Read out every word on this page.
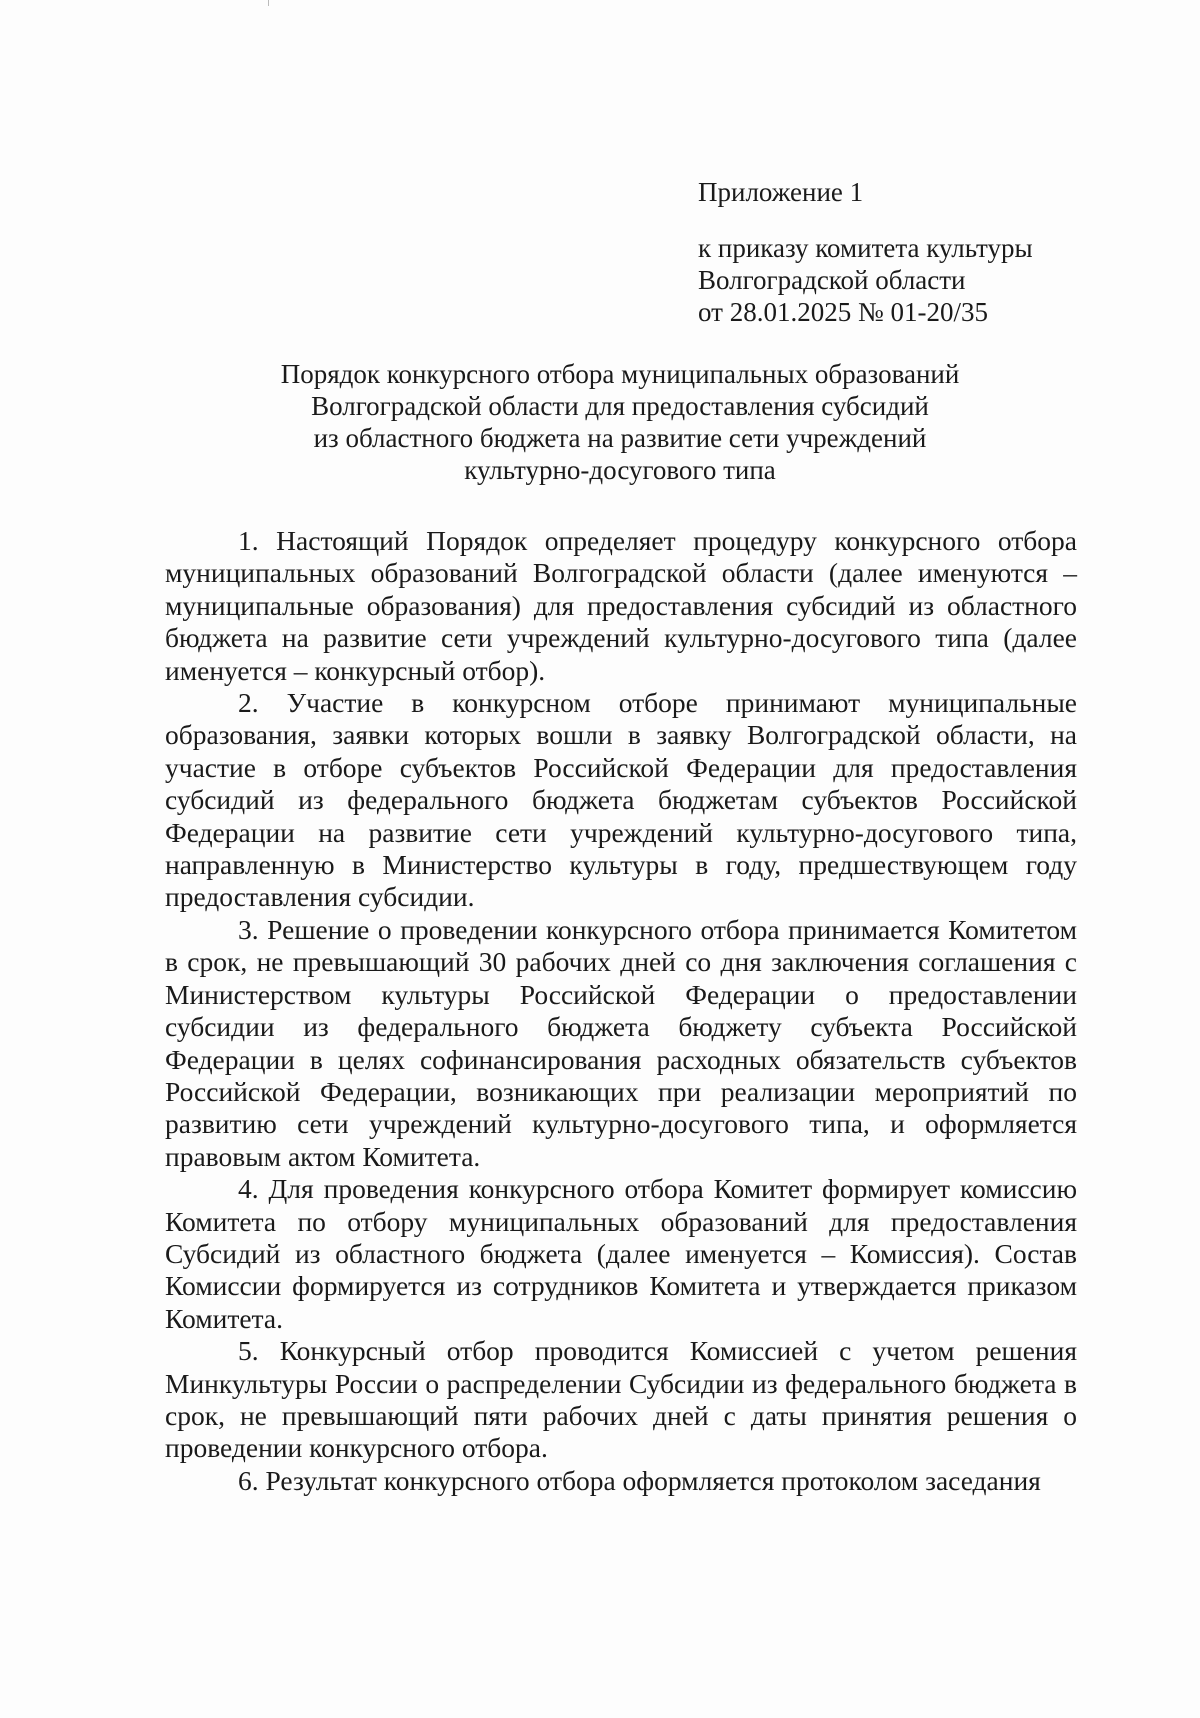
Приложение 1
к приказу комитета культуры
Волгоградской области
от 28.01.2025 № 01-20/35
Порядок конкурсного отбора муниципальных образований
Волгоградской области для предоставления субсидий
из областного бюджета на развитие сети учреждений
культурно-досугового типа

1. Настоящий Порядок определяет процедуру конкурсного отбора муниципальных образований Волгоградской области (далее именуются – муниципальные образования) для предоставления субсидий из областного бюджета на развитие сети учреждений культурно-досугового типа (далее именуется – конкурсный отбор).

2. Участие в конкурсном отборе принимают муниципальные образования, заявки которых вошли в заявку Волгоградской области, на участие в отборе субъектов Российской Федерации для предоставления субсидий из федерального бюджета бюджетам субъектов Российской Федерации на развитие сети учреждений культурно-досугового типа, направленную в Министерство культуры в году, предшествующем году предоставления субсидии.

3. Решение о проведении конкурсного отбора принимается Комитетом в срок, не превышающий 30 рабочих дней со дня заключения соглашения с Министерством культуры Российской Федерации о предоставлении субсидии из федерального бюджета бюджету субъекта Российской Федерации в целях софинансирования расходных обязательств субъектов Российской Федерации, возникающих при реализации мероприятий по развитию сети учреждений культурно-досугового типа, и оформляется правовым актом Комитета.

4. Для проведения конкурсного отбора Комитет формирует комиссию Комитета по отбору муниципальных образований для предоставления Субсидий из областного бюджета (далее именуется – Комиссия). Состав Комиссии формируется из сотрудников Комитета и утверждается приказом Комитета.

5. Конкурсный отбор проводится Комиссией с учетом решения Минкультуры России о распределении Субсидии из федерального бюджета в срок, не превышающий пяти рабочих дней с даты принятия решения о проведении конкурсного отбора.

6. Результат конкурсного отбора оформляется протоколом заседания
